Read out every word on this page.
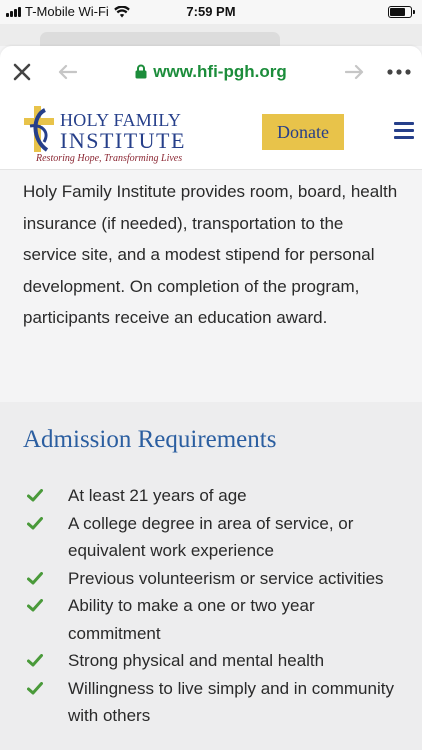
T-Mobile Wi-Fi	7:59 PM
www.hfi-pgh.org
HOLY FAMILY
INSTITUTE
Restoring Hope, Transforming Lives
Donate

Holy Family Institute provides room, board, health insurance (if needed), transportation to the service site, and a modest stipend for personal development. On completion of the program, participants receive an education award.

Admission Requirements
At least 21 years of age
A college degree in area of service, or equivalent work experience
Previous volunteerism or service activities
Ability to make a one or two year commitment
Strong physical and mental health
Willingness to live simply and in community with others
